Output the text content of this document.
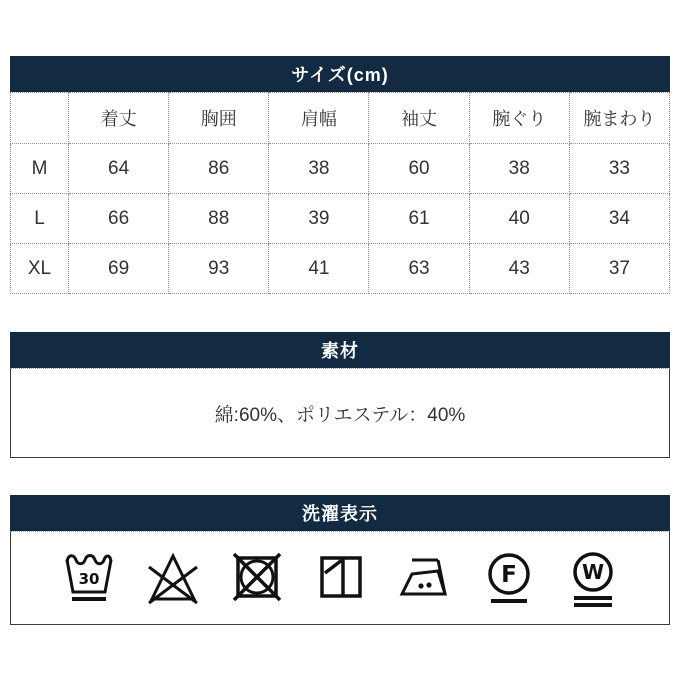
サイズ(cm)
	着丈	胸囲	肩幅	袖丈	腕ぐり	腕まわり
M	64	86	38	60	38	33
L	66	88	39	61	40	34
XL	69	93	41	63	43	37
素材
綿:60%、ポリエステル：40%
洗濯表示
30	F	W
